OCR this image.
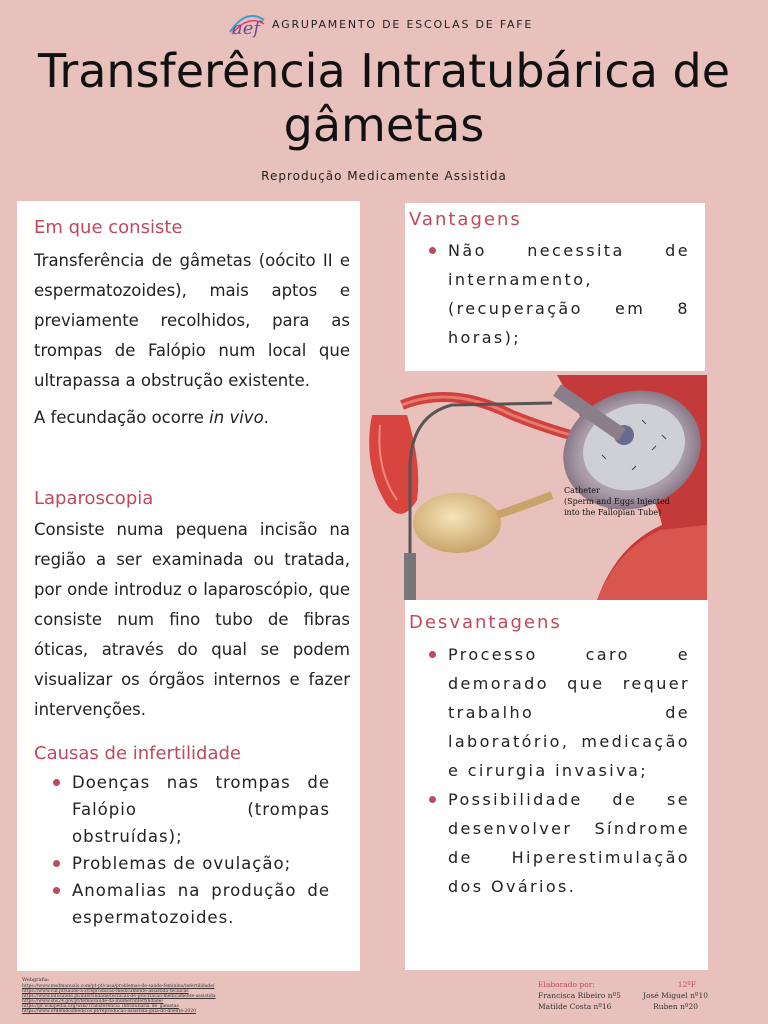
aef	AGRUPAMENTO DE ESCOLAS DE FAFE
Transferência Intratubárica de
gâmetas
Reprodução Medicamente Assistida
Em que consiste
Transferência de gâmetas (oócito II e espermatozoides), mais aptos e previamente recolhidos, para as trompas de Falópio num local que ultrapassa a obstrução existente.
A fecundação ocorre in vivo.
Laparoscopia
Consiste numa pequena incisão na região a ser examinada ou tratada, por onde introduz o laparoscópio, que consiste num fino tubo de fibras óticas, através do qual se podem visualizar os órgãos internos e fazer intervenções.
Causas de infertilidade
Doenças nas trompas de Falópio (trompas obstruídas);
Problemas de ovulação;
Anomalias na produção de espermatozoides.
Vantagens
Não necessita de internamento, (recuperação em 8 horas);
Catheter
(Sperm and Eggs Injected
into the Fallopian Tube)
Desvantagens
Processo caro e demorado que requer trabalho de laboratório, medicação e cirurgia invasiva;
Possibilidade de se desenvolver Síndrome de Hiperestimulação dos Ovários.
Webgrafia:
https://www.msdmanuals.com/pt-pt/casa/problemas-de-saúde-feminina/infertilidade/
https://www.cuf.pt/saude-a-z/reproducao-medicamente-assistida-tecnicas
https://www.infosaude.pt/infertilidade/tecnicas-de-procriacao-medicamente-assistida
https://www.sns24.gov.pt/tema/saude-da-mulher/infertilidade/
https://pt.wikipedia.org/wiki/Transferência_intratubária_de_gâmetas
https://www.ordemdosmedicos.pt/reproducao-assistida-guia-do-doente-2020
Elaborado por:	12ºF
Francisca Ribeiro nº5	José Miguel nº10
Matilde Costa nº16	Ruben nº20
